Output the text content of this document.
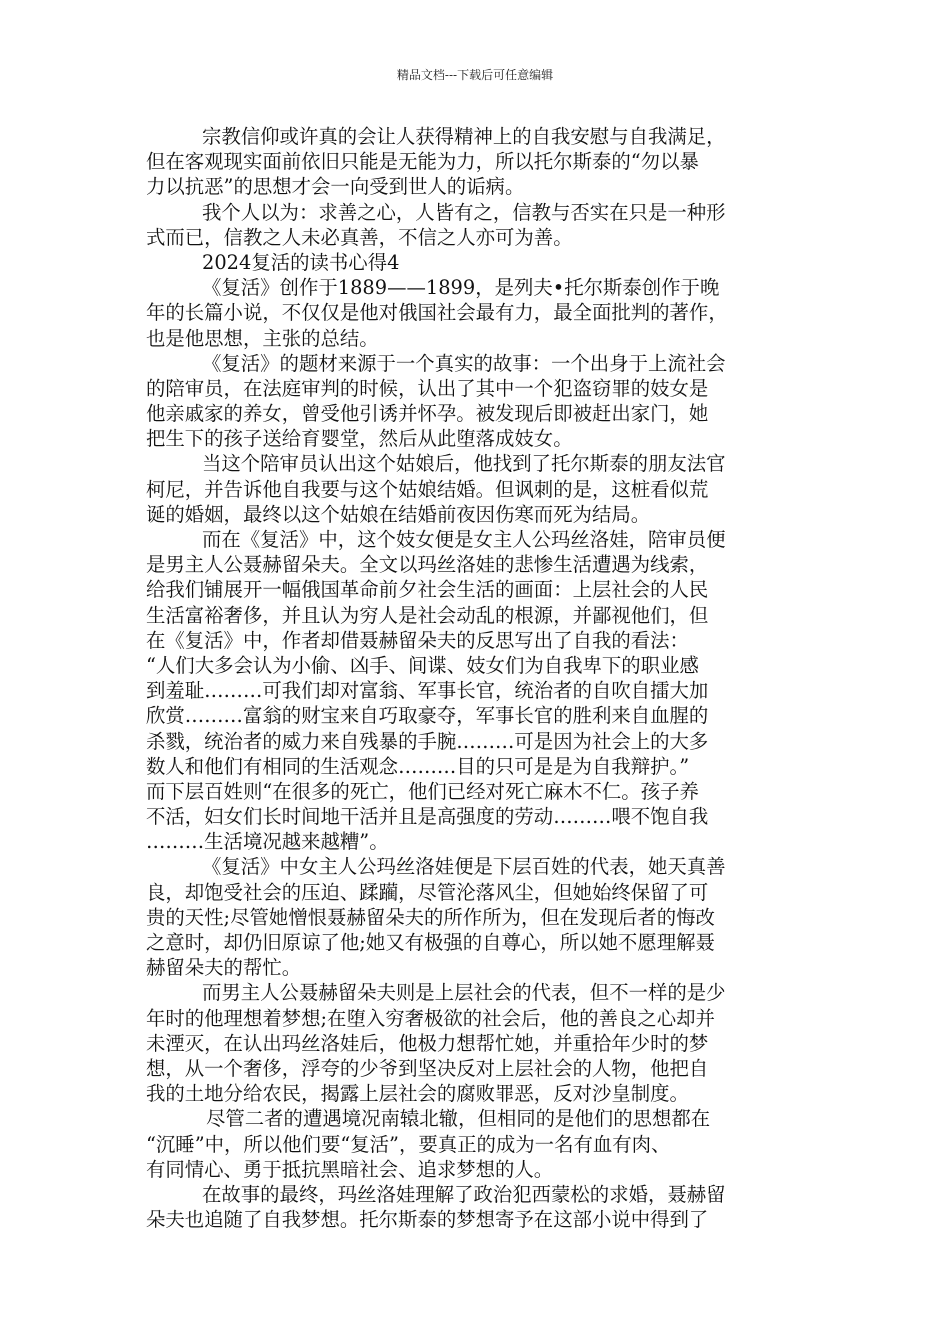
精品文档---下载后可任意编辑
宗教信仰或许真的会让人获得精神上的自我安慰与自我满足，
但在客观现实面前依旧只能是无能为力，所以托尔斯泰的“勿以暴
力以抗恶”的思想才会一向受到世人的诟病。
我个人以为：求善之心，人皆有之，信教与否实在只是一种形
式而已，信教之人未必真善，不信之人亦可为善。
2024复活的读书心得4
《复活》创作于1889——1899，是列夫•托尔斯泰创作于晚
年的长篇小说，不仅仅是他对俄国社会最有力，最全面批判的著作，
也是他思想，主张的总结。
《复活》的题材来源于一个真实的故事：一个出身于上流社会
的陪审员，在法庭审判的时候，认出了其中一个犯盗窃罪的妓女是
他亲戚家的养女，曾受他引诱并怀孕。被发现后即被赶出家门，她
把生下的孩子送给育婴堂，然后从此堕落成妓女。
当这个陪审员认出这个姑娘后，他找到了托尔斯泰的朋友法官
柯尼，并告诉他自我要与这个姑娘结婚。但讽刺的是，这桩看似荒
诞的婚姻，最终以这个姑娘在结婚前夜因伤寒而死为结局。
而在《复活》中，这个妓女便是女主人公玛丝洛娃，陪审员便
是男主人公聂赫留朵夫。全文以玛丝洛娃的悲惨生活遭遇为线索，
给我们铺展开一幅俄国革命前夕社会生活的画面：上层社会的人民
生活富裕奢侈，并且认为穷人是社会动乱的根源，并鄙视他们，但
在《复活》中，作者却借聂赫留朵夫的反思写出了自我的看法：
“人们大多会认为小偷、凶手、间谍、妓女们为自我卑下的职业感
到羞耻………可我们却对富翁、军事长官，统治者的自吹自擂大加
欣赏………富翁的财宝来自巧取豪夺，军事长官的胜利来自血腥的
杀戮，统治者的威力来自残暴的手腕………可是因为社会上的大多
数人和他们有相同的生活观念………目的只可是是为自我辩护。”
而下层百姓则“在很多的死亡，他们已经对死亡麻木不仁。孩子养
不活，妇女们长时间地干活并且是高强度的劳动………喂不饱自我
………生活境况越来越糟”。
《复活》中女主人公玛丝洛娃便是下层百姓的代表，她天真善
良，却饱受社会的压迫、蹂躏，尽管沦落风尘，但她始终保留了可
贵的天性;尽管她憎恨聂赫留朵夫的所作所为，但在发现后者的悔改
之意时，却仍旧原谅了他;她又有极强的自尊心，所以她不愿理解聂
赫留朵夫的帮忙。
而男主人公聂赫留朵夫则是上层社会的代表，但不一样的是少
年时的他理想着梦想;在堕入穷奢极欲的社会后，他的善良之心却并
未湮灭，在认出玛丝洛娃后，他极力想帮忙她，并重拾年少时的梦
想，从一个奢侈，浮夸的少爷到坚决反对上层社会的人物，他把自
我的土地分给农民，揭露上层社会的腐败罪恶，反对沙皇制度。
尽管二者的遭遇境况南辕北辙，但相同的是他们的思想都在
“沉睡”中，所以他们要“复活”，要真正的成为一名有血有肉、
有同情心、勇于抵抗黑暗社会、追求梦想的人。
在故事的最终，玛丝洛娃理解了政治犯西蒙松的求婚，聂赫留
朵夫也追随了自我梦想。托尔斯泰的梦想寄予在这部小说中得到了
